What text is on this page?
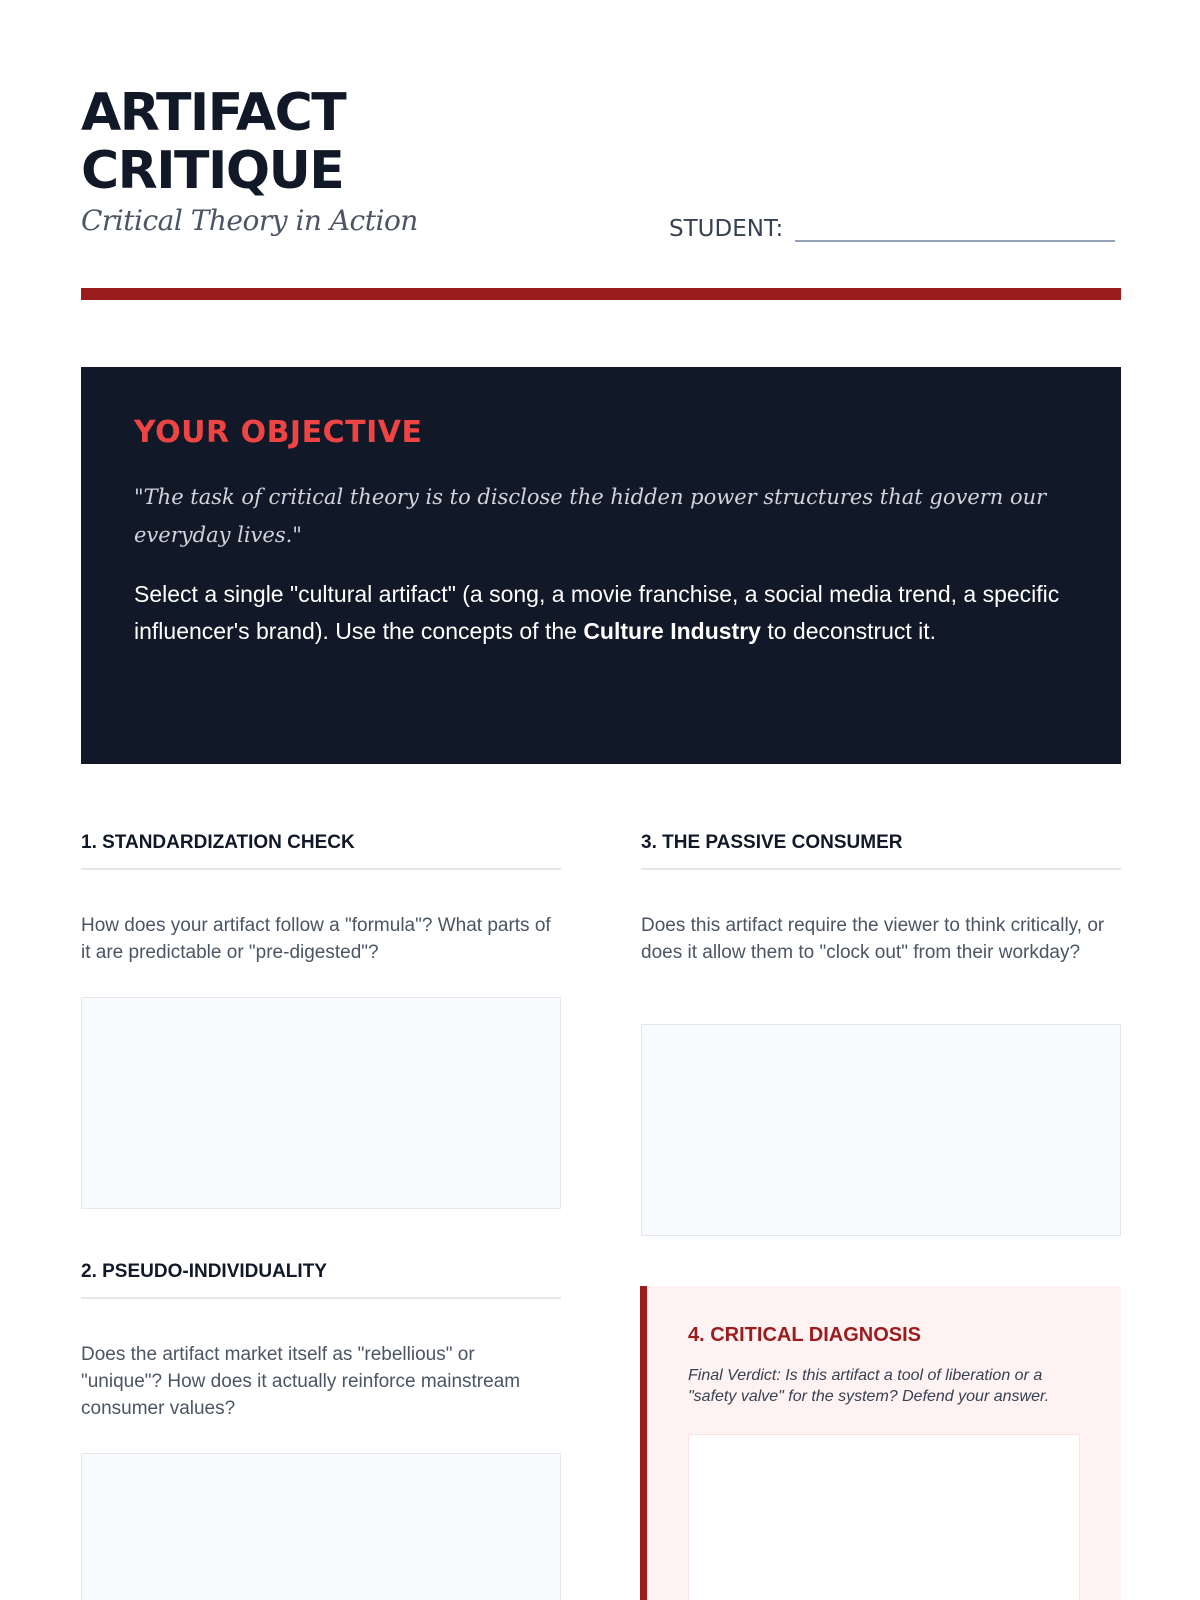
ARTIFACT
CRITIQUE
Critical Theory in Action	STUDENT:
YOUR OBJECTIVE
"The task of critical theory is to disclose the hidden power structures that govern our everyday lives."
Select a single "cultural artifact" (a song, a movie franchise, a social media trend, a specific influencer's brand). Use the concepts of the Culture Industry to deconstruct it.
1. STANDARDIZATION CHECK
How does your artifact follow a "formula"? What parts of it are predictable or "pre-digested"?
2. PSEUDO-INDIVIDUALITY
Does the artifact market itself as "rebellious" or "unique"? How does it actually reinforce mainstream consumer values?
3. THE PASSIVE CONSUMER
Does this artifact require the viewer to think critically, or does it allow them to "clock out" from their workday?
4. CRITICAL DIAGNOSIS
Final Verdict: Is this artifact a tool of liberation or a "safety valve" for the system? Defend your answer.
